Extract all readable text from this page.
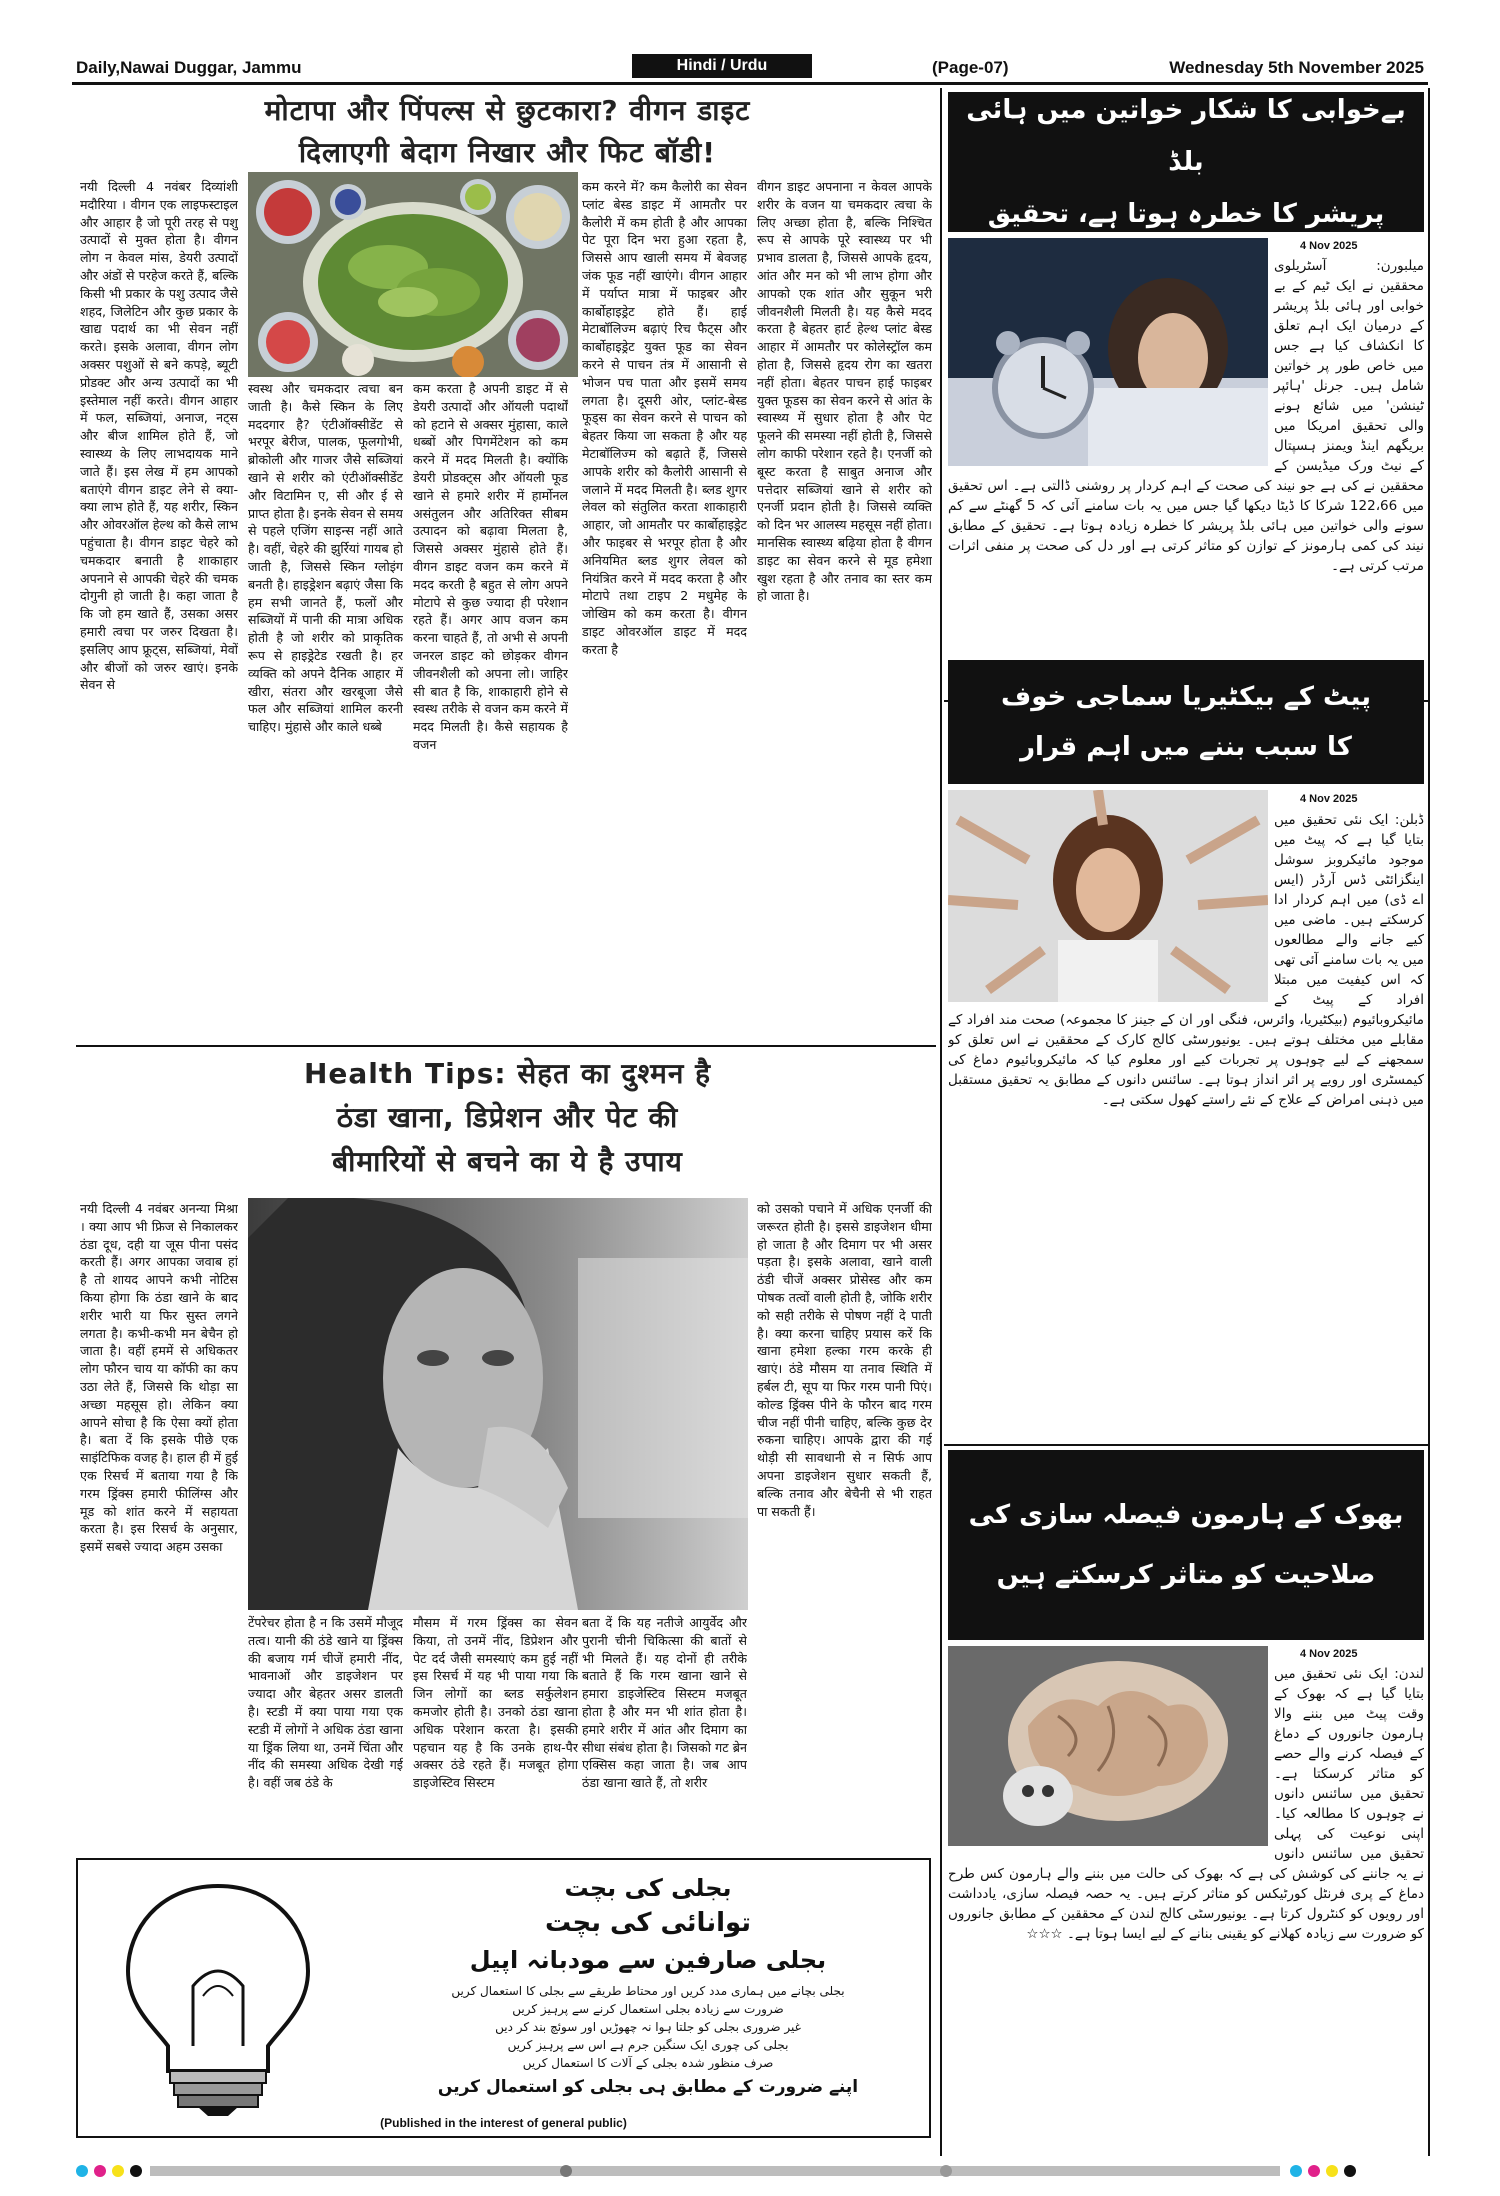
Daily,Nawai Duggar, Jammu	Hindi / Urdu	(Page-07)	Wednesday 5th November 2025
मोटापा और पिंपल्स से छुटकारा? वीगन डाइट
दिलाएगी बेदाग निखार और फिट बॉडी!

नयी दिल्ली 4 नवंबर दिव्यांशी मदौरिया । वीगन एक लाइफस्टाइल और आहार है जो पूरी तरह से पशु उत्पादों से मुक्त होता है। वीगन लोग न केवल मांस, डेयरी उत्पादों और अंडों से परहेज करते हैं, बल्कि किसी भी प्रकार के पशु उत्पाद जैसे शहद, जिलेटिन और कुछ प्रकार के खाद्य पदार्थ का भी सेवन नहीं करते। इसके अलावा, वीगन लोग अक्सर पशुओं से बने कपड़े, ब्यूटी प्रोडक्ट और अन्य उत्पादों का भी इस्तेमाल नहीं करते। वीगन आहार में फल, सब्जियां, अनाज, नट्स और बीज शामिल होते हैं, जो स्वास्थ्य के लिए लाभदायक माने जाते हैं। इस लेख में हम आपको बताएंगे वीगन डाइट लेने से क्या-क्या लाभ होते हैं, यह शरीर, स्किन और ओवरऑल हेल्थ को कैसे लाभ पहुंचाता है। वीगन डाइट चेहरे को चमकदार बनाती है शाकाहार अपनाने से आपकी चेहरे की चमक दोगुनी हो जाती है। कहा जाता है कि जो हम खाते हैं, उसका असर हमारी त्वचा पर जरुर दिखता है। इसलिए आप फ्रूट्स, सब्जियां, मेवों और बीजों को जरुर खाएं। इनके सेवन से

स्वस्थ और चमकदार त्वचा बन जाती है। कैसे स्किन के लिए मददगार है? एंटीऑक्सीडेंट से भरपूर बेरीज, पालक, फूलगोभी, ब्रोकोली और गाजर जैसे सब्जियां खाने से शरीर को एंटीऑक्सीडेंट और विटामिन ए, सी और ई से प्राप्त होता है। इनके सेवन से समय से पहले एजिंग साइन्स नहीं आते है। वहीं, चेहरे की झुर्रियां गायब हो जाती है, जिससे स्किन ग्लोइंग बनती है। हाइड्रेशन बढ़ाएं जैसा कि हम सभी जानते हैं, फलों और सब्जियों में पानी की मात्रा अधिक होती है जो शरीर को प्राकृतिक रूप से हाइड्रेटेड रखती है। हर व्यक्ति को अपने दैनिक आहार में खीरा, संतरा और खरबूजा जैसे फल और सब्जियां शामिल करनी चाहिए। मुंहासे और काले धब्बे

कम करता है अपनी डाइट में से डेयरी उत्पादों और ऑयली पदार्थों को हटाने से अक्सर मुंहासा, काले धब्बों और पिगमेंटेशन को कम करने में मदद मिलती है। क्योंकि डेयरी प्रोडक्ट्स और ऑयली फूड खाने से हमारे शरीर में हार्मोनल असंतुलन और अतिरिक्त सीबम उत्पादन को बढ़ावा मिलता है, जिससे अक्सर मुंहासे होते हैं। वीगन डाइट वजन कम करने में मदद करती है बहुत से लोग अपने मोटापे से कुछ ज्यादा ही परेशान रहते हैं। अगर आप वजन कम करना चाहते हैं, तो अभी से अपनी जनरल डाइट को छोड़कर वीगन जीवनशैली को अपना लो। जाहिर सी बात है कि, शाकाहारी होने से स्वस्थ तरीके से वजन कम करने में मदद मिलती है। कैसे सहायक है वजन

कम करने में? कम कैलोरी का सेवन प्लांट बेस्ड डाइट में आमतौर पर कैलोरी में कम होती है और आपका पेट पूरा दिन भरा हुआ रहता है, जिससे आप खाली समय में बेवजह जंक फूड नहीं खाएंगे। वीगन आहार में पर्याप्त मात्रा में फाइबर और कार्बोहाइड्रेट होते हैं। हाई मेटाबॉलिज्म बढ़ाएं रिच फैट्स और कार्बोहाइड्रेट युक्त फूड का सेवन करने से पाचन तंत्र में आसानी से भोजन पच पाता और इसमें समय लगता है। दूसरी ओर, प्लांट-बेस्ड फूड्स का सेवन करने से पाचन को बेहतर किया जा सकता है और यह मेटाबॉलिज्म को बढ़ाते हैं, जिससे आपके शरीर को कैलोरी आसानी से जलाने में मदद मिलती है। ब्लड शुगर लेवल को संतुलित करता शाकाहारी आहार, जो आमतौर पर कार्बोहाइड्रेट और फाइबर से भरपूर होता है और अनियमित ब्लड शुगर लेवल को नियंत्रित करने में मदद करता है और मोटापे तथा टाइप 2 मधुमेह के जोखिम को कम करता है। वीगन डाइट ओवरऑल डाइट में मदद करता है

वीगन डाइट अपनाना न केवल आपके शरीर के वजन या चमकदार त्वचा के लिए अच्छा होता है, बल्कि निश्चित रूप से आपके पूरे स्वास्थ्य पर भी प्रभाव डालता है, जिससे आपके हृदय, आंत और मन को भी लाभ होगा और आपको एक शांत और सुकून भरी जीवनशैली मिलती है। यह कैसे मदद करता है बेहतर हार्ट हेल्थ प्लांट बेस्ड आहार में आमतौर पर कोलेस्ट्रॉल कम होता है, जिससे हृदय रोग का खतरा नहीं होता। बेहतर पाचन हाई फाइबर युक्त फूडस का सेवन करने से आंत के स्वास्थ्य में सुधार होता है और पेट फूलने की समस्या नहीं होती है, जिससे लोग काफी परेशान रहते है। एनर्जी को बूस्ट करता है साबुत अनाज और पत्तेदार सब्जियां खाने से शरीर को एनर्जी प्रदान होती है। जिससे व्यक्ति को दिन भर आलस्य महसूस नहीं होता। मानसिक स्वास्थ्य बढ़िया होता है वीगन डाइट का सेवन करने से मूड हमेशा खुश रहता है और तनाव का स्तर कम हो जाता है।

Health Tips: सेहत का दुश्मन है
ठंडा खाना, डिप्रेशन और पेट की
बीमारियों से बचने का ये है उपाय

नयी दिल्ली 4 नवंबर अनन्या मिश्रा । क्या आप भी फ्रिज से निकालकर ठंडा दूध, दही या जूस पीना पसंद करती हैं। अगर आपका जवाब हां है तो शायद आपने कभी नोटिस किया होगा कि ठंडा खाने के बाद शरीर भारी या फिर सुस्त लगने लगता है। कभी-कभी मन बेचैन हो जाता है। वहीं हममें से अधिकतर लोग फौरन चाय या कॉफी का कप उठा लेते हैं, जिससे कि थोड़ा सा अच्छा महसूस हो। लेकिन क्या आपने सोचा है कि ऐसा क्यों होता है। बता दें कि इसके पीछे एक साइंटिफिक वजह है। हाल ही में हुई एक रिसर्च में बताया गया है कि गरम ड्रिंक्स हमारी फीलिंग्स और मूड को शांत करने में सहायता करता है। इस रिसर्च के अनुसार, इसमें सबसे ज्यादा अहम उसका

टेंपरेचर होता है न कि उसमें मौजूद तत्व। यानी की ठंडे खाने या ड्रिंक्स की बजाय गर्म चीजें हमारी नींद, भावनाओं और डाइजेशन पर ज्यादा और बेहतर असर डालती है। स्टडी में क्या पाया गया एक स्टडी में लोगों ने अधिक ठंडा खाना या ड्रिंक लिया था, उनमें चिंता और नींद की समस्या अधिक देखी गई है। वहीं जब ठंडे के

मौसम में गरम ड्रिंक्स का सेवन किया, तो उनमें नींद, डिप्रेशन और पेट दर्द जैसी समस्याएं कम हुई नहीं इस रिसर्च में यह भी पाया गया कि जिन लोगों का ब्लड सर्कुलेशन कमजोर होती है। उनको ठंडा खाना अधिक परेशान करता है। इसकी पहचान यह है कि उनके हाथ-पैर अक्सर ठंडे रहते हैं। मजबूत होगा डाइजेस्टिव सिस्टम

बता दें कि यह नतीजे आयुर्वेद और पुरानी चीनी चिकित्सा की बातों से भी मिलते हैं। यह दोनों ही तरीके बताते हैं कि गरम खाना खाने से हमारा डाइजेस्टिव सिस्टम मजबूत होता है और मन भी शांत होता है। हमारे शरीर में आंत और दिमाग का सीधा संबंध होता है। जिसको गट ब्रेन एक्सिस कहा जाता है। जब आप ठंडा खाना खाते हैं, तो शरीर

को उसको पचाने में अधिक एनर्जी की जरूरत होती है। इससे डाइजेशन धीमा हो जाता है और दिमाग पर भी असर पड़ता है। इसके अलावा, खाने वाली ठंडी चीजें अक्सर प्रोसेस्ड और कम पोषक तत्वों वाली होती है, जोकि शरीर को सही तरीके से पोषण नहीं दे पाती है। क्या करना चाहिए प्रयास करें कि खाना हमेशा हल्का गरम करके ही खाएं। ठंडे मौसम या तनाव स्थिति में हर्बल टी, सूप या फिर गरम पानी पिएं। कोल्ड ड्रिंक्स पीने के फौरन बाद गरम चीज नहीं पीनी चाहिए, बल्कि कुछ देर रुकना चाहिए। आपके द्वारा की गई थोड़ी सी सावधानी से न सिर्फ आप अपना डाइजेशन सुधार सकती हैं, बल्कि तनाव और बेचैनी से भी राहत पा सकती हैं।

بجلی کی بچت
توانائی کی بچت
بجلی صارفین سے مودبانہ اپیل
بجلی بچانے میں ہماری مدد کریں اور محتاط طریقے سے بجلی کا استعمال کریں
ضرورت سے زیادہ بجلی استعمال کرنے سے پرہیز کریں
غیر ضروری بجلی کو جلتا ہوا نہ چھوڑیں اور سوئچ بند کر دیں
بجلی کی چوری ایک سنگین جرم ہے اس سے پرہیز کریں
صرف منظور شدہ بجلی کے آلات کا استعمال کریں
اپنے ضرورت کے مطابق ہی بجلی کو استعمال کریں
(Published in the interest of general public)
بےخوابی کا شکار خواتین میں ہائی بلڈ
پریشر کا خطرہ ہوتا ہے، تحقیق
4 Nov 2025

میلبورن: آسٹریلوی محققین نے ایک ٹیم کے بے خوابی اور ہائی بلڈ پریشر کے درمیان ایک اہم تعلق کا انکشاف کیا ہے جس میں خاص طور پر خواتین شامل ہیں۔ جرنل 'ہائپر ٹینشن' میں شائع ہونے والی تحقیق امریکا میں بریگھم اینڈ ویمنز ہسپتال کے نیٹ ورک میڈیسن کے محققین نے کی ہے جو نیند کی صحت کے اہم کردار پر روشنی ڈالتی ہے۔ اس تحقیق میں 122،66 شرکا کا ڈیٹا دیکھا گیا جس میں یہ بات سامنے آئی کہ 5 گھنٹے سے کم سونے والی خواتین میں ہائی بلڈ پریشر کا خطرہ زیادہ ہوتا ہے۔ تحقیق کے مطابق نیند کی کمی ہارمونز کے توازن کو متاثر کرتی ہے اور دل کی صحت پر منفی اثرات مرتب کرتی ہے۔

پیٹ کے بیکٹیریا سماجی خوف
کا سبب بننے میں اہم قرار
4 Nov 2025

ڈبلن: ایک نئی تحقیق میں بتایا گیا ہے کہ پیٹ میں موجود مائیکروبز سوشل اینگزائٹی ڈس آرڈر (ایس اے ڈی) میں اہم کردار ادا کرسکتے ہیں۔ ماضی میں کیے جانے والے مطالعوں میں یہ بات سامنے آئی تھی کہ اس کیفیت میں مبتلا افراد کے پیٹ کے مائیکروبائیوم (بیکٹیریا، وائرس، فنگی اور ان کے جینز کا مجموعہ) صحت مند افراد کے مقابلے میں مختلف ہوتے ہیں۔ یونیورسٹی کالج کارک کے محققین نے اس تعلق کو سمجھنے کے لیے چوہوں پر تجربات کیے اور معلوم کیا کہ مائیکروبائیوم دماغ کی کیمسٹری اور رویے پر اثر انداز ہوتا ہے۔ سائنس دانوں کے مطابق یہ تحقیق مستقبل میں ذہنی امراض کے علاج کے نئے راستے کھول سکتی ہے۔

بھوک کے ہارمون فیصلہ سازی کی
صلاحیت کو متاثر کرسکتے ہیں
4 Nov 2025

لندن: ایک نئی تحقیق میں بتایا گیا ہے کہ بھوک کے وقت پیٹ میں بننے والا ہارمون جانوروں کے دماغ کے فیصلہ کرنے والے حصے کو متاثر کرسکتا ہے۔ تحقیق میں سائنس دانوں نے چوہوں کا مطالعہ کیا۔ اپنی نوعیت کی پہلی تحقیق میں سائنس دانوں نے یہ جاننے کی کوشش کی ہے کہ بھوک کی حالت میں بننے والے ہارمون کس طرح دماغ کے پری فرنٹل کورٹیکس کو متاثر کرتے ہیں۔ یہ حصہ فیصلہ سازی، یادداشت اور رویوں کو کنٹرول کرتا ہے۔ یونیورسٹی کالج لندن کے محققین کے مطابق جانوروں کو ضرورت سے زیادہ کھلانے کو یقینی بنانے کے لیے ایسا ہوتا ہے۔ ☆☆☆
